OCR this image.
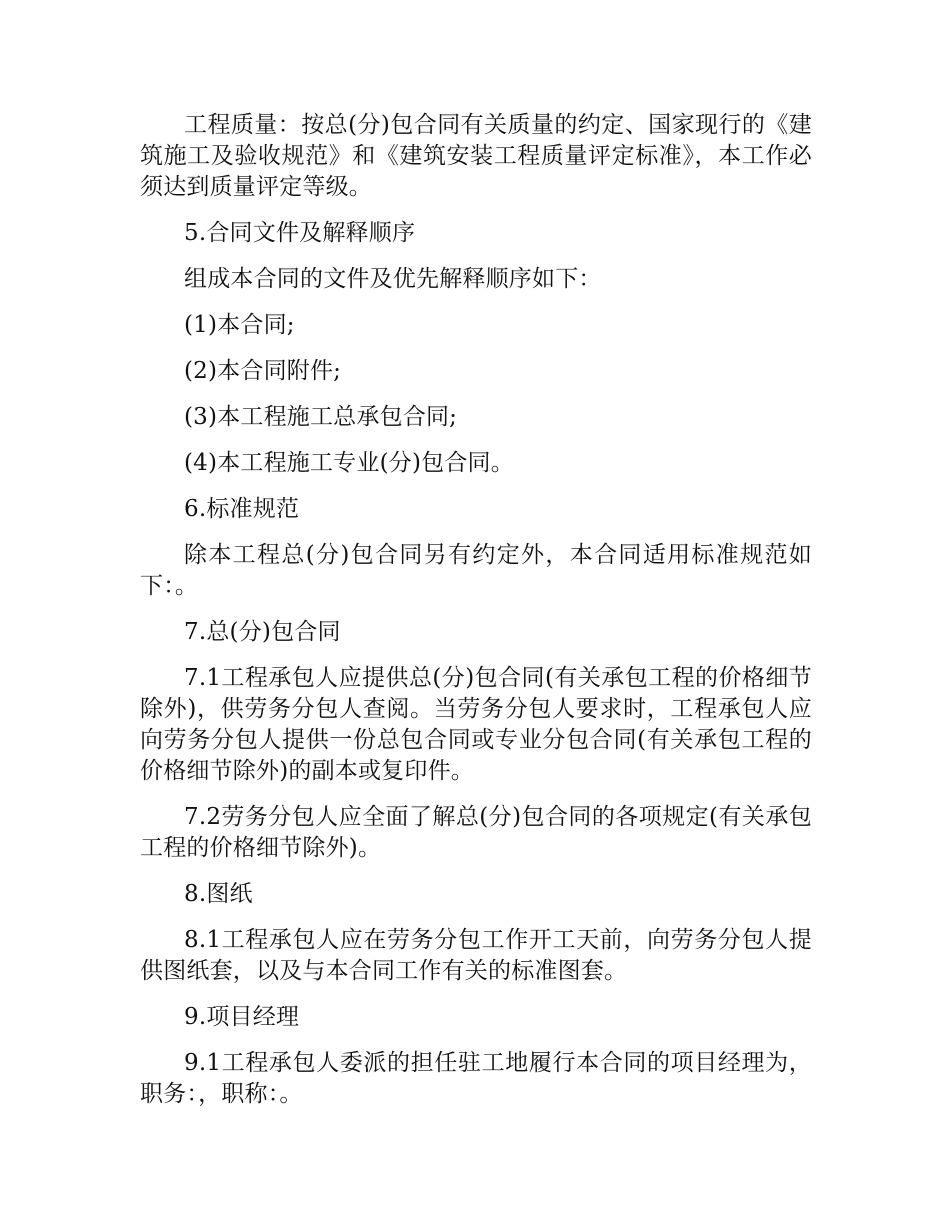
工程质量：按总(分)包合同有关质量的约定、国家现行的《建筑施工及验收规范》和《建筑安装工程质量评定标准》，本工作必须达到质量评定等级。

5.合同文件及解释顺序

组成本合同的文件及优先解释顺序如下：

(1)本合同;

(2)本合同附件;

(3)本工程施工总承包合同;

(4)本工程施工专业(分)包合同。

6.标准规范

除本工程总(分)包合同另有约定外，本合同适用标准规范如下：。

7.总(分)包合同

7.1工程承包人应提供总(分)包合同(有关承包工程的价格细节除外)，供劳务分包人查阅。当劳务分包人要求时，工程承包人应向劳务分包人提供一份总包合同或专业分包合同(有关承包工程的价格细节除外)的副本或复印件。

7.2劳务分包人应全面了解总(分)包合同的各项规定(有关承包工程的价格细节除外)。

8.图纸

8.1工程承包人应在劳务分包工作开工天前，向劳务分包人提供图纸套，以及与本合同工作有关的标准图套。

9.项目经理

9.1工程承包人委派的担任驻工地履行本合同的项目经理为，职务：，职称：。
